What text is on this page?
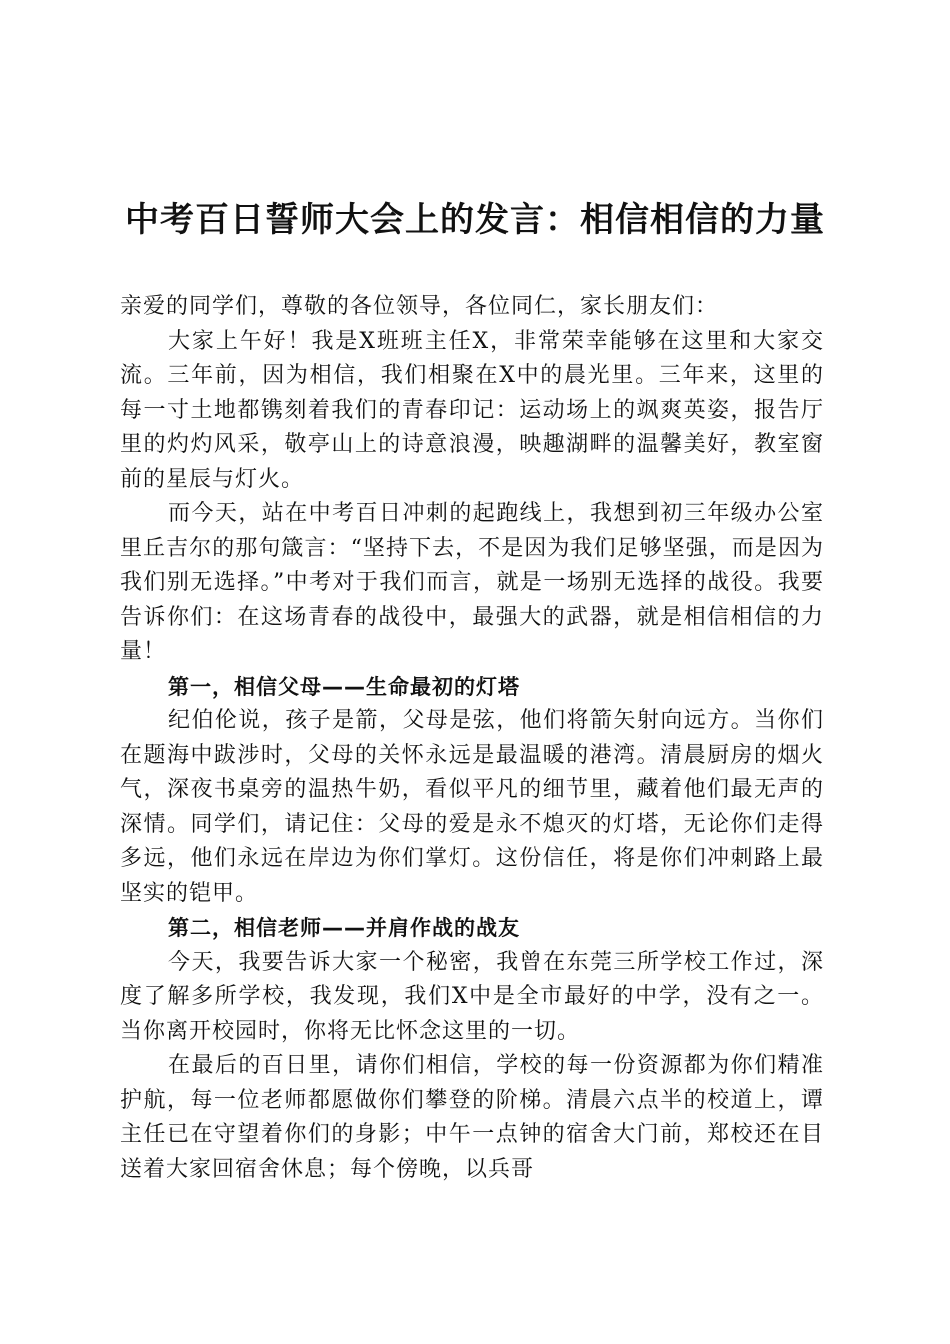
中考百日誓师大会上的发言：相信相信的力量

亲爱的同学们，尊敬的各位领导，各位同仁，家长朋友们：

大家上午好！我是X班班主任X，非常荣幸能够在这里和大家交流。三年前，因为相信，我们相聚在X中的晨光里。三年来，这里的每一寸土地都镌刻着我们的青春印记：运动场上的飒爽英姿，报告厅里的灼灼风采，敬亭山上的诗意浪漫，映趣湖畔的温馨美好，教室窗前的星辰与灯火。

而今天，站在中考百日冲刺的起跑线上，我想到初三年级办公室里丘吉尔的那句箴言：“坚持下去，不是因为我们足够坚强，而是因为我们别无选择。”中考对于我们而言，就是一场别无选择的战役。我要告诉你们：在这场青春的战役中，最强大的武器，就是相信相信的力量！

第一，相信父母——生命最初的灯塔

纪伯伦说，孩子是箭，父母是弦，他们将箭矢射向远方。当你们在题海中跋涉时，父母的关怀永远是最温暖的港湾。清晨厨房的烟火气，深夜书桌旁的温热牛奶，看似平凡的细节里，藏着他们最无声的深情。同学们，请记住：父母的爱是永不熄灭的灯塔，无论你们走得多远，他们永远在岸边为你们掌灯。这份信任，将是你们冲刺路上最坚实的铠甲。

第二，相信老师——并肩作战的战友

今天，我要告诉大家一个秘密，我曾在东莞三所学校工作过，深度了解多所学校，我发现，我们X中是全市最好的中学，没有之一。当你离开校园时，你将无比怀念这里的一切。

在最后的百日里，请你们相信，学校的每一份资源都为你们精准护航，每一位老师都愿做你们攀登的阶梯。清晨六点半的校道上，谭主任已在守望着你们的身影；中午一点钟的宿舍大门前，郑校还在目送着大家回宿舍休息；每个傍晚，以兵哥
